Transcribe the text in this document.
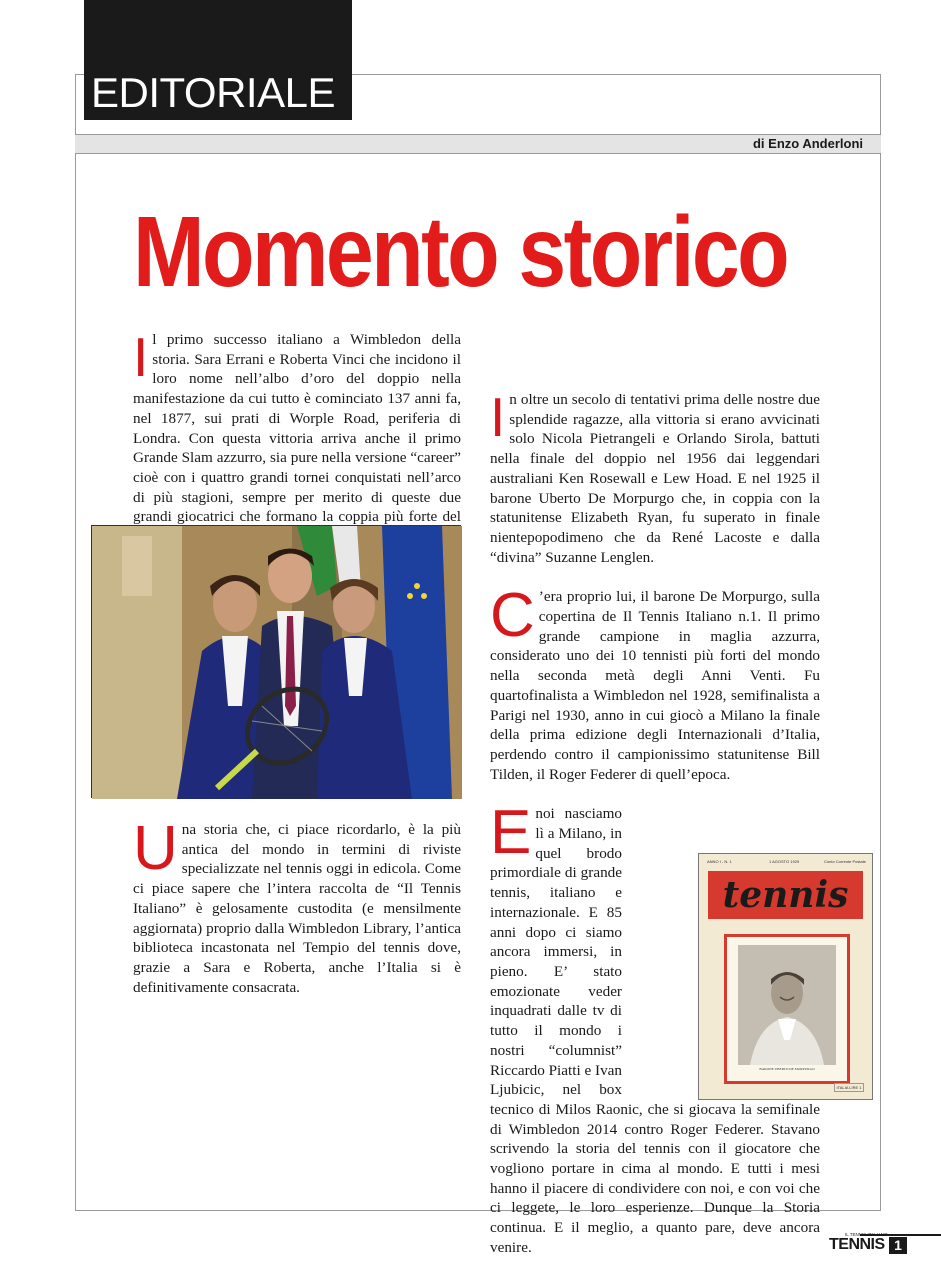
EDITORIALE
di Enzo Anderloni
Momento storico

Il primo successo italiano a Wimbledon della storia. Sara Errani e Roberta Vinci che incidono il loro nome nell’albo d’oro del doppio nella manifestazione da cui tutto è cominciato 137 anni fa, nel 1877, sui prati di Worple Road, periferia di Londra. Con questa vittoria arriva anche il primo Grande Slam azzurro, sia pure nella versione “career” cioè con i quattro grandi tornei conquistati nell’arco di più stagioni, sempre per merito di queste due grandi giocatrici che formano la coppia più forte del

Una storia che, ci piace ricordarlo, è la più antica del mondo in termini di riviste specializzate nel tennis oggi in edicola. Come ci piace sapere che l’intera raccolta de “Il Tennis Italiano” è gelosamente custodita (e mensilmente aggiornata) proprio dalla Wimbledon Library, l’antica biblioteca incastonata nel Tempio del tennis dove, grazie a Sara e Roberta, anche l’Italia si è definitivamente consacrata.

In oltre un secolo di tentativi prima delle nostre due splendide ragazze, alla vittoria si erano avvicinati solo Nicola Pietrangeli e Orlando Sirola, battuti nella finale del doppio nel 1956 dai leggendari australiani Ken Rosewall e Lew Hoad. E nel 1925 il barone Uberto De Morpurgo che, in coppia con la statunitense Elizabeth Ryan, fu superato in finale nientepopodimeno che da René Lacoste e dalla “divina” Suzanne Lenglen.

C ’era proprio lui, il barone De Morpurgo, sulla copertina de Il Tennis Italiano n.1. Il primo grande campione in maglia azzurra, considerato uno dei 10 tennisti più forti del mondo nella seconda metà degli Anni Venti. Fu quartofinalista a Wimbledon nel 1928, semifinalista a Parigi nel 1930, anno in cui giocò a Milano la finale della prima edizione degli Internazionali d’Italia, perdendo contro il campionissimo statunitense Bill Tilden, il Roger Federer di quell’epoca.

Enoi nasciamo lì a Milano, in quel brodo primordiale di grande tennis, italiano e internazionale. E 85 anni dopo ci siamo ancora immersi, in pieno. E’ stato emozionate veder inquadrati dalle tv di tutto il mondo i nostri “columnist” Riccardo Piatti e Ivan Ljubicic, nel box tecnico di Milos Raonic, che si giocava la semifinale di Wimbledon 2014 contro Roger Federer. Stavano scrivendo la storia del tennis con il giocatore che vogliono portare in cima al mondo. E tutti i mesi hanno il piacere di condividere con noi, e con voi che ci leggete, le loro esperienze. Dunque la Storia continua. E il meglio, a quanto pare, deve ancora venire.

ANNO I - N. 1	1 AGOSTO 1929	Conto Corrente Postale
tennis
BARONE UBERTO DE MORPURGO
ITALIA LIRE 1
IL TENNIS ITALIANO
TENNIS 1
